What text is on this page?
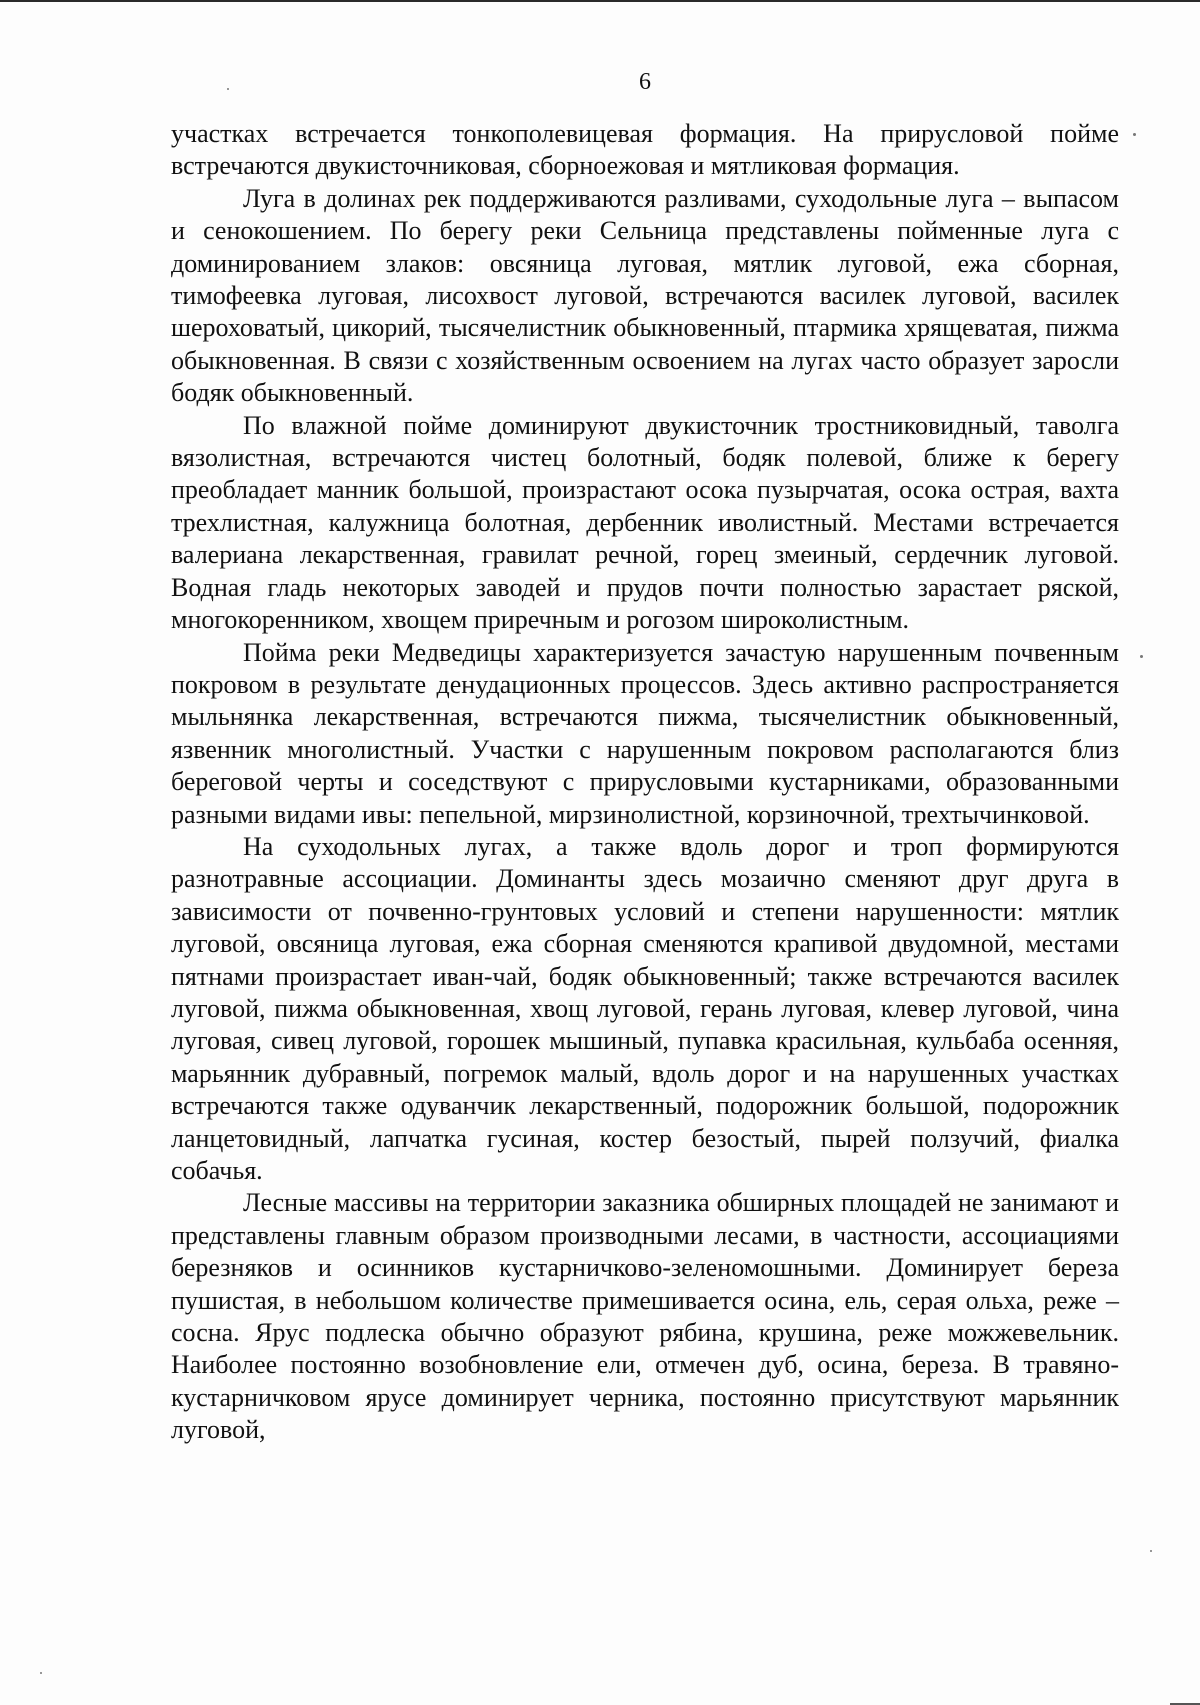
6

участках встречается тонкополевицевая формация. На прирусловой пойме встречаются двукисточниковая, сборноежовая и мятликовая формация.

Луга в долинах рек поддерживаются разливами, суходольные луга – выпасом и сенокошением. По берегу реки Сельница представлены пойменные луга с доминированием злаков: овсяница луговая, мятлик луговой, ежа сборная, тимофеевка луговая, лисохвост луговой, встречаются василек луговой, василек шероховатый, цикорий, тысячелистник обыкновенный, птармика хрящеватая, пижма обыкновенная. В связи с хозяйственным освоением на лугах часто образует заросли бодяк обыкновенный.

По влажной пойме доминируют двукисточник тростниковидный, таволга вязолистная, встречаются чистец болотный, бодяк полевой, ближе к берегу преобладает манник большой, произрастают осока пузырчатая, осока острая, вахта трехлистная, калужница болотная, дербенник иволистный. Местами встречается валериана лекарственная, гравилат речной, горец змеиный, сердечник луговой. Водная гладь некоторых заводей и прудов почти полностью зарастает ряской, многокоренником, хвощем приречным и рогозом широколистным.

Пойма реки Медведицы характеризуется зачастую нарушенным почвенным покровом в результате денудационных процессов. Здесь активно распространяется мыльнянка лекарственная, встречаются пижма, тысячелистник обыкновенный, язвенник многолистный. Участки с нарушенным покровом располагаются близ береговой черты и соседствуют с прирусловыми кустарниками, образованными разными видами ивы: пепельной, мирзинолистной, корзиночной, трехтычинковой.

На суходольных лугах, а также вдоль дорог и троп формируются разнотравные ассоциации. Доминанты здесь мозаично сменяют друг друга в зависимости от почвенно-грунтовых условий и степени нарушенности: мятлик луговой, овсяница луговая, ежа сборная сменяются крапивой двудомной, местами пятнами произрастает иван-чай, бодяк обыкновенный; также встречаются василек луговой, пижма обыкновенная, хвощ луговой, герань луговая, клевер луговой, чина луговая, сивец луговой, горошек мышиный, пупавка красильная, кульбаба осенняя, марьянник дубравный, погремок малый, вдоль дорог и на нарушенных участках встречаются также одуванчик лекарственный, подорожник большой, подорожник ланцетовидный, лапчатка гусиная, костер безостый, пырей ползучий, фиалка собачья.

Лесные массивы на территории заказника обширных площадей не занимают и представлены главным образом производными лесами, в частности, ассоциациями березняков и осинников кустарничково-зеленомошными. Доминирует береза пушистая, в небольшом количестве примешивается осина, ель, серая ольха, реже – сосна. Ярус подлеска обычно образуют рябина, крушина, реже можжевельник. Наиболее постоянно возобновление ели, отмечен дуб, осина, береза. В травяно-кустарничковом ярусе доминирует черника, постоянно присутствуют марьянник луговой,
